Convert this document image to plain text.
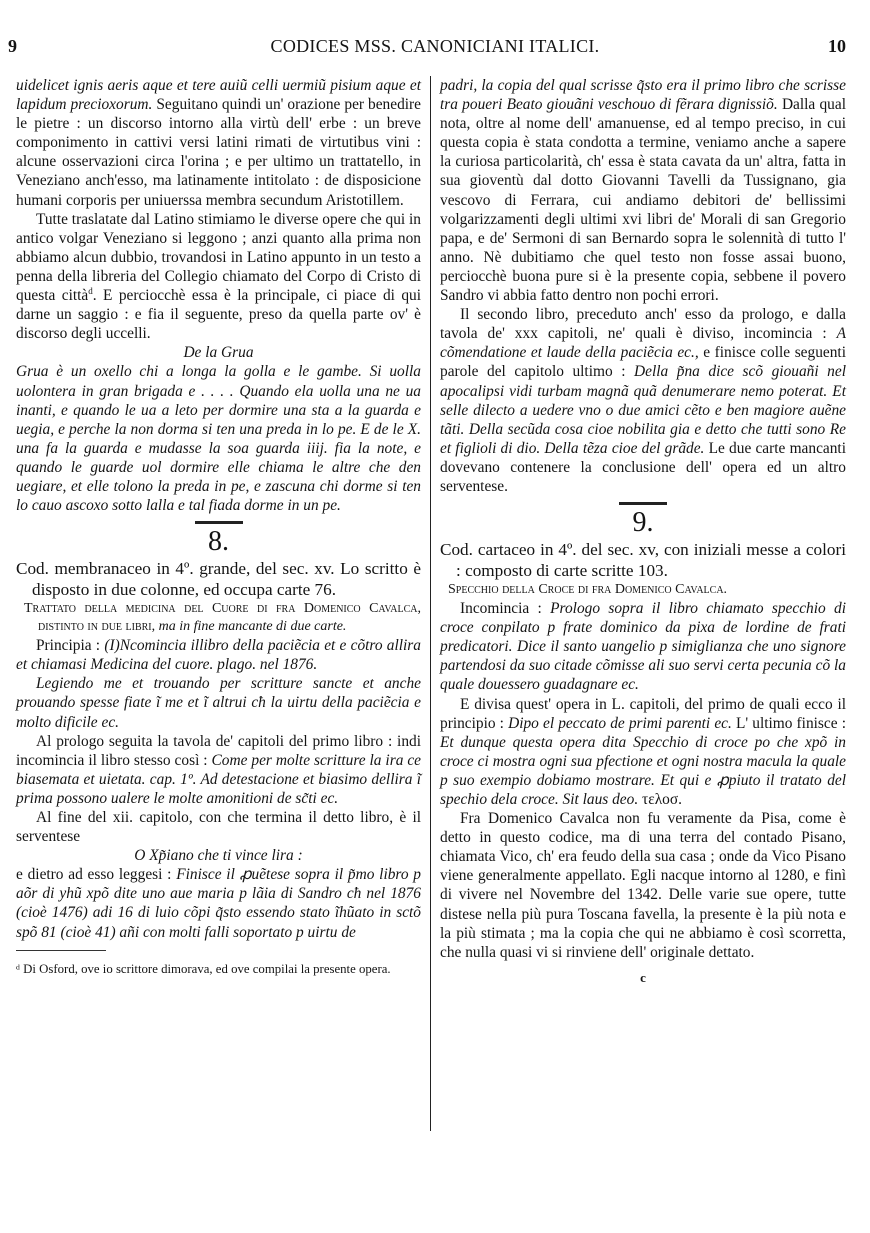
9	CODICES MSS. CANONICIANI ITALICI.	10

uidelicet ignis aeris aque et tere auiũ celli uermiũ pisium aque et lapidum precioxorum. Seguitano quindi un' orazione per benedire le pietre : un discorso intorno alla virtù dell' erbe : un breve componimento in cattivi versi latini rimati de virtutibus vini : alcune osservazioni circa l'orina ; e per ultimo un trattatello, in Veneziano anch'esso, ma latinamente intitolato : de disposicione humani corporis per uniuerssa membra secundum Aristotillem.

Tutte traslatate dal Latino stimiamo le diverse opere che qui in antico volgar Veneziano si leggono ; anzi quanto alla prima non abbiamo alcun dubbio, trovandosi in Latino appunto in un testo a penna della libreria del Collegio chiamato del Corpo di Cristo di questa città$^d$. E perciocchè essa è la principale, ci piace di qui darne un saggio : e fia il seguente, preso da quella parte ov' è discorso degli uccelli.

De la Grua

Grua è un oxello chi a longa la golla e le gambe. Si uolla uolontera in gran brigada e . . . . Quando ela uolla una ne ua inanti, e quando le ua a leto per dormire una sta a la guarda e uegia, e perche la non dorma si ten una preda in lo pe. E de le X. una fa la guarda e mudasse la soa guarda iiij. fia la note, e quando le guarde uol dormire elle chiama le altre che den uegiare, et elle tolono la preda in pe, e zascuna chi dorme si ten lo cauo ascoxo sotto lalla e tal fiada dorme in un pe.

8.

Cod. membranaceo in 4º. grande, del sec. xv. Lo scritto è disposto in due colonne, ed occupa carte 76.

Trattato della medicina del Cuore di fra Domenico Cavalca, distinto in due libri, ma in fine mancante di due carte.

Principia : (I)Ncominciа illibro della paciẽcia et e cõtro allira et chiamasi Medicina del cuore. plago. nel 1876.

Legiendo me et trouando per scritture sancte et anche prouando spesse fiate ĩ me et ĩ altrui cħ la uirtu della paciẽcia e molto dificile ec.

Al prologo seguita la tavola de' capitoli del primo libro : indi incomincia il libro stesso così : Come per molte scritture la ira ce biasemata et uietata. cap. 1º. Ad detestacione et biasimo dellira ĩ prima possono ualere le molte amonitioni de sc̃ti ec.

Al fine del xii. capitolo, con che termina il detto libro, è il serventese

O Xp̃iano che ti vince lira :

e dietro ad esso leggesi : Finisce il ꝓuẽtese sopra il p̃mo libro p aõr di yhũ xpõ dite uno aue maria p lãia di Sandro cħ nel 1876 (cioè 1476) adi 16 di luio cõpi q̃sto essendo stato ĩhũato in sctõ spõ 81 (cioè 41) añi con molti falli soportato p uirtu de

ᵈ Di Osford, ove io scrittore dimorava, ed ove compilai la presente opera.

padri, la copia del qual scrisse q̃sto era il primo libro che scrisse tra poueri Beato giouãni veschouo di fẽrara dignissiõ. Dalla qual nota, oltre al nome dell' amanuense, ed al tempo preciso, in cui questa copia è stata condotta a termine, veniamo anche a sapere la curiosa particolarità, ch' essa è stata cavata da un' altra, fatta in sua gioventù dal dotto Giovanni Tavelli da Tussignano, gia vescovo di Ferrara, cui andiamo debitori de' bellissimi volgarizzamenti degli ultimi xvi libri de' Morali di san Gregorio papa, e de' Sermoni di san Bernardo sopra le solennità di tutto l' anno. Nè dubitiamo che quel testo non fosse assai buono, perciocchè buona pure si è la presente copia, sebbene il povero Sandro vi abbia fatto dentro non pochi errori.

Il secondo libro, preceduto anch' esso da prologo, e dalla tavola de' xxx capitoli, ne' quali è diviso, incomincia : A cõmendatione et laude della paciẽcia ec., e finisce colle seguenti parole del capitolo ultimo : Della p̃na dice scõ giouañi nel apocalipsi vidi turbam magnã quã denumerare nemo poterat. Et selle dilecto a uedere vno o due amici cẽto e ben magiore auẽne tãti. Della secũda cosa cioe nobilita gia e detto che tutti sono Re et figlioli di dio. Della tẽza cioe del grãde. Le due carte mancanti dovevano contenere la conclusione dell' opera ed un altro serventese.

9.

Cod. cartaceo in 4º. del sec. xv, con iniziali messe a colori : composto di carte scritte 103.

Specchio della Croce di fra Domenico Cavalca.

Incomincia : Prologo sopra il libro chiamato specchio di croce conpilato p frate dominico da pixa de lordine de frati predicatori. Dice il santo uangelio p simiglianza che uno signore partendosi da suo citade cõmisse ali suo servi certa pecunia cõ la quale douessero guadagnare ec.

E divisa quest' opera in L. capitoli, del primo de quali ecco il principio : Dipo el peccato de primi parenti ec. L' ultimo finisce : Et dunque questa opera dita Specchio di croce po che xpõ in croce ci mostra ogni sua pfectione et ogni nostra macula la quale p suo exempio dobiamo mostrare. Et qui e ꝓpiuto il tratato del spechio dela croce. Sit laus deo. τελοσ.

Fra Domenico Cavalca non fu veramente da Pisa, come è detto in questo codice, ma di una terra del contado Pisano, chiamata Vico, ch' era feudo della sua casa ; onde da Vico Pisano viene generalmente appellato. Egli nacque intorno al 1280, e finì di vivere nel Novembre del 1342. Delle varie sue opere, tutte distese nella più pura Toscana favella, la presente è la più nota e la più stimata ; ma la copia che qui ne abbiamo è così scorretta, che nulla quasi vi si rinviene dell' originale dettato.

c
